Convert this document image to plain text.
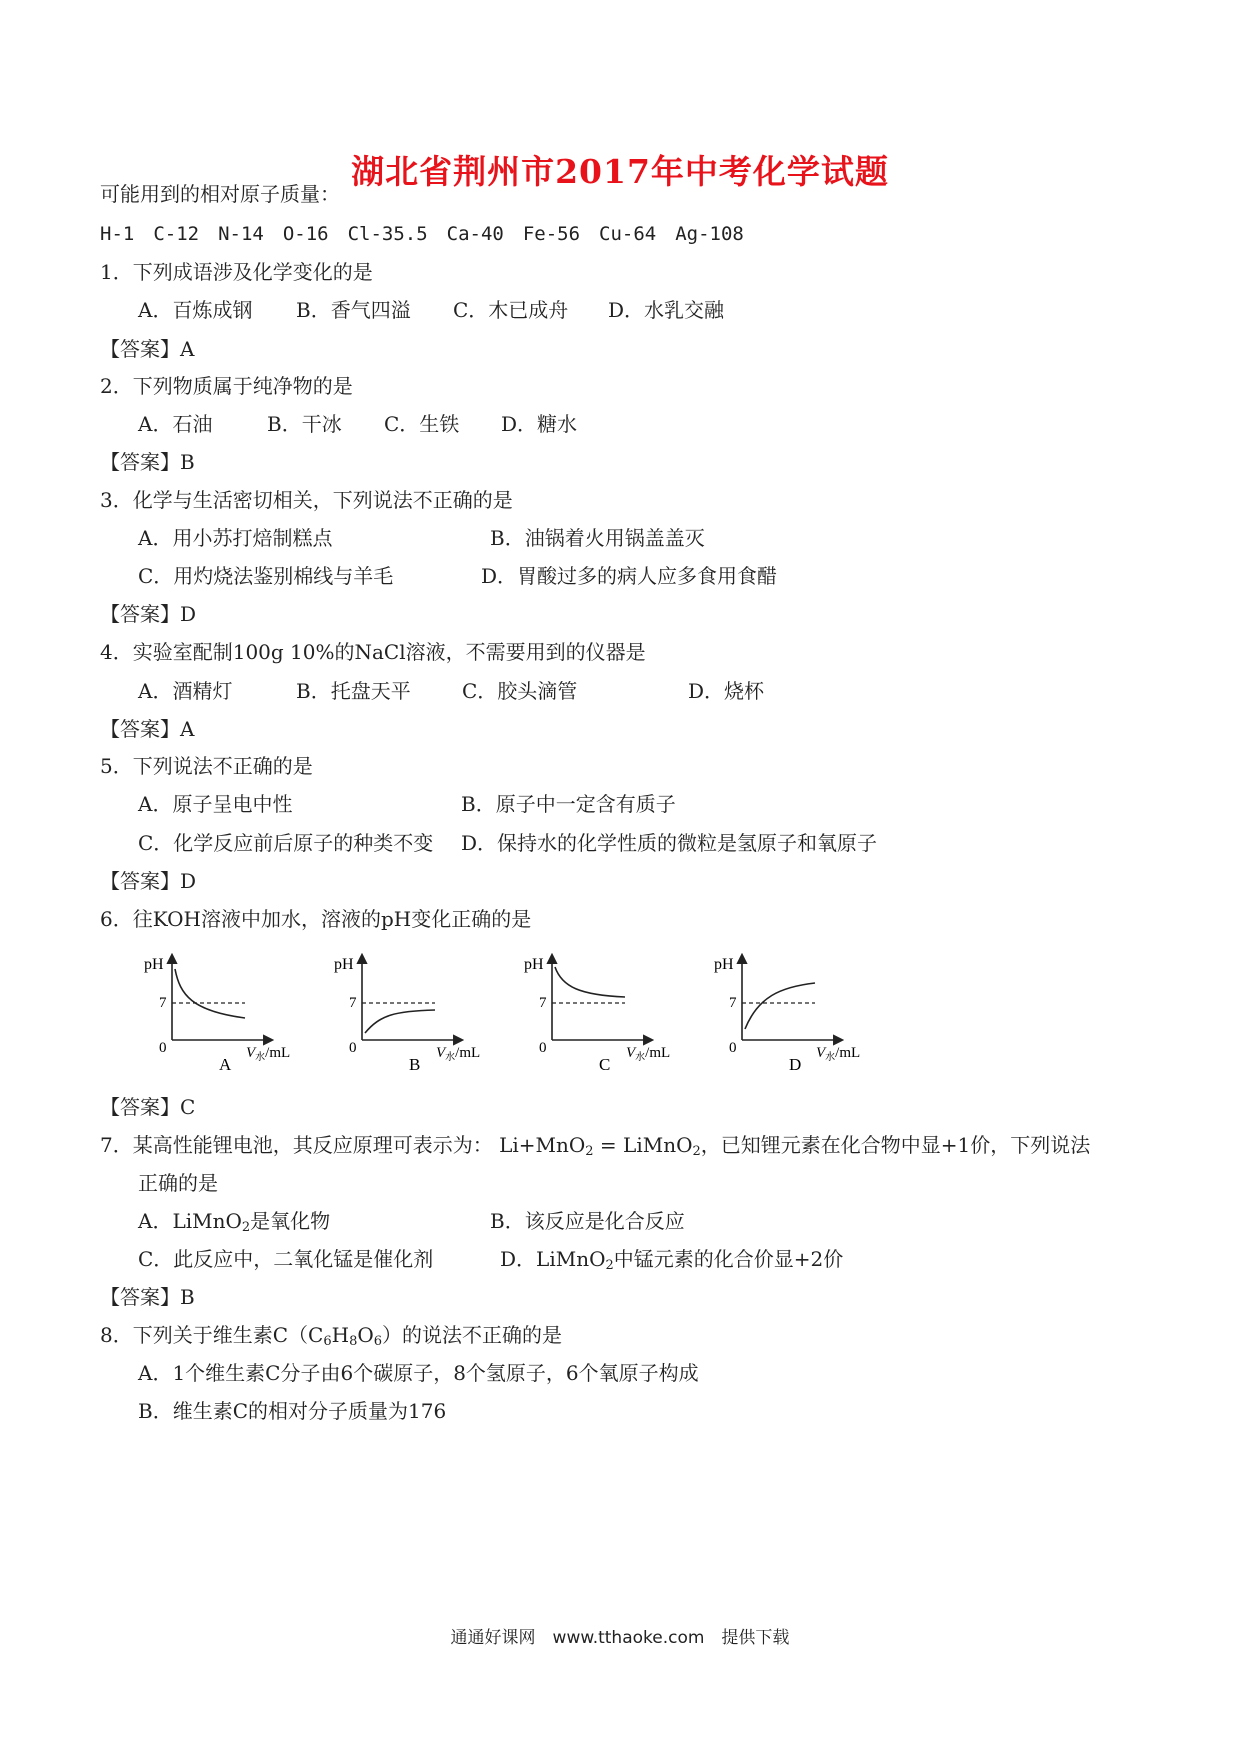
湖北省荆州市2017年中考化学试题
可能用到的相对原子质量：
H-1　C-12　N-14　O-16　Cl-35.5　Ca-40　Fe-56　Cu-64　Ag-108
1．下列成语涉及化学变化的是
A．百炼成钢 B．香气四溢 C．木已成舟 D．水乳交融
【答案】A
2．下列物质属于纯净物的是
A．石油	B．干冰 C．生铁 D．糖水
【答案】B
3．化学与生活密切相关，下列说法不正确的是
A．用小苏打焙制糕点	B．油锅着火用锅盖盖灭
C．用灼烧法鉴别棉线与羊毛	D．胃酸过多的病人应多食用食醋
【答案】D
4．实验室配制100g 10%的NaCl溶液，不需要用到的仪器是
A．酒精灯	B．托盘天平	C．胶头滴管	D．烧杯
【答案】A
5．下列说法不正确的是
A．原子呈电中性	B．原子中一定含有质子
C．化学反应前后原子的种类不变 D．保持水的化学性质的微粒是氢原子和氧原子
【答案】D
6．往KOH溶液中加水，溶液的pH变化正确的是
pH
7
0	$V_水/mL$
A
pH
7
0	$V_水/mL$
B
pH
7
0	$V_水/mL$
C
pH
7
0	$V_水/mL$
D
【答案】C
7．某高性能锂电池，其反应原理可表示为： Li+MnO$_2$ = LiMnO$_2$，已知锂元素在化合物中显+1价，下列说法
正确的是
A．LiMnO$_2$是氧化物	B．该反应是化合反应
C．此反应中，二氧化锰是催化剂	D．LiMnO$_2$中锰元素的化合价显+2价
【答案】B
8．下列关于维生素$C(C_6H_8O_6)$的说法不正确的是
A．1个维生素C分子由6个碳原子，8个氢原子，6个氧原子构成
B．维生素C的相对分子质量为176
通通好课网　www.tthaoke.com　提供下载
